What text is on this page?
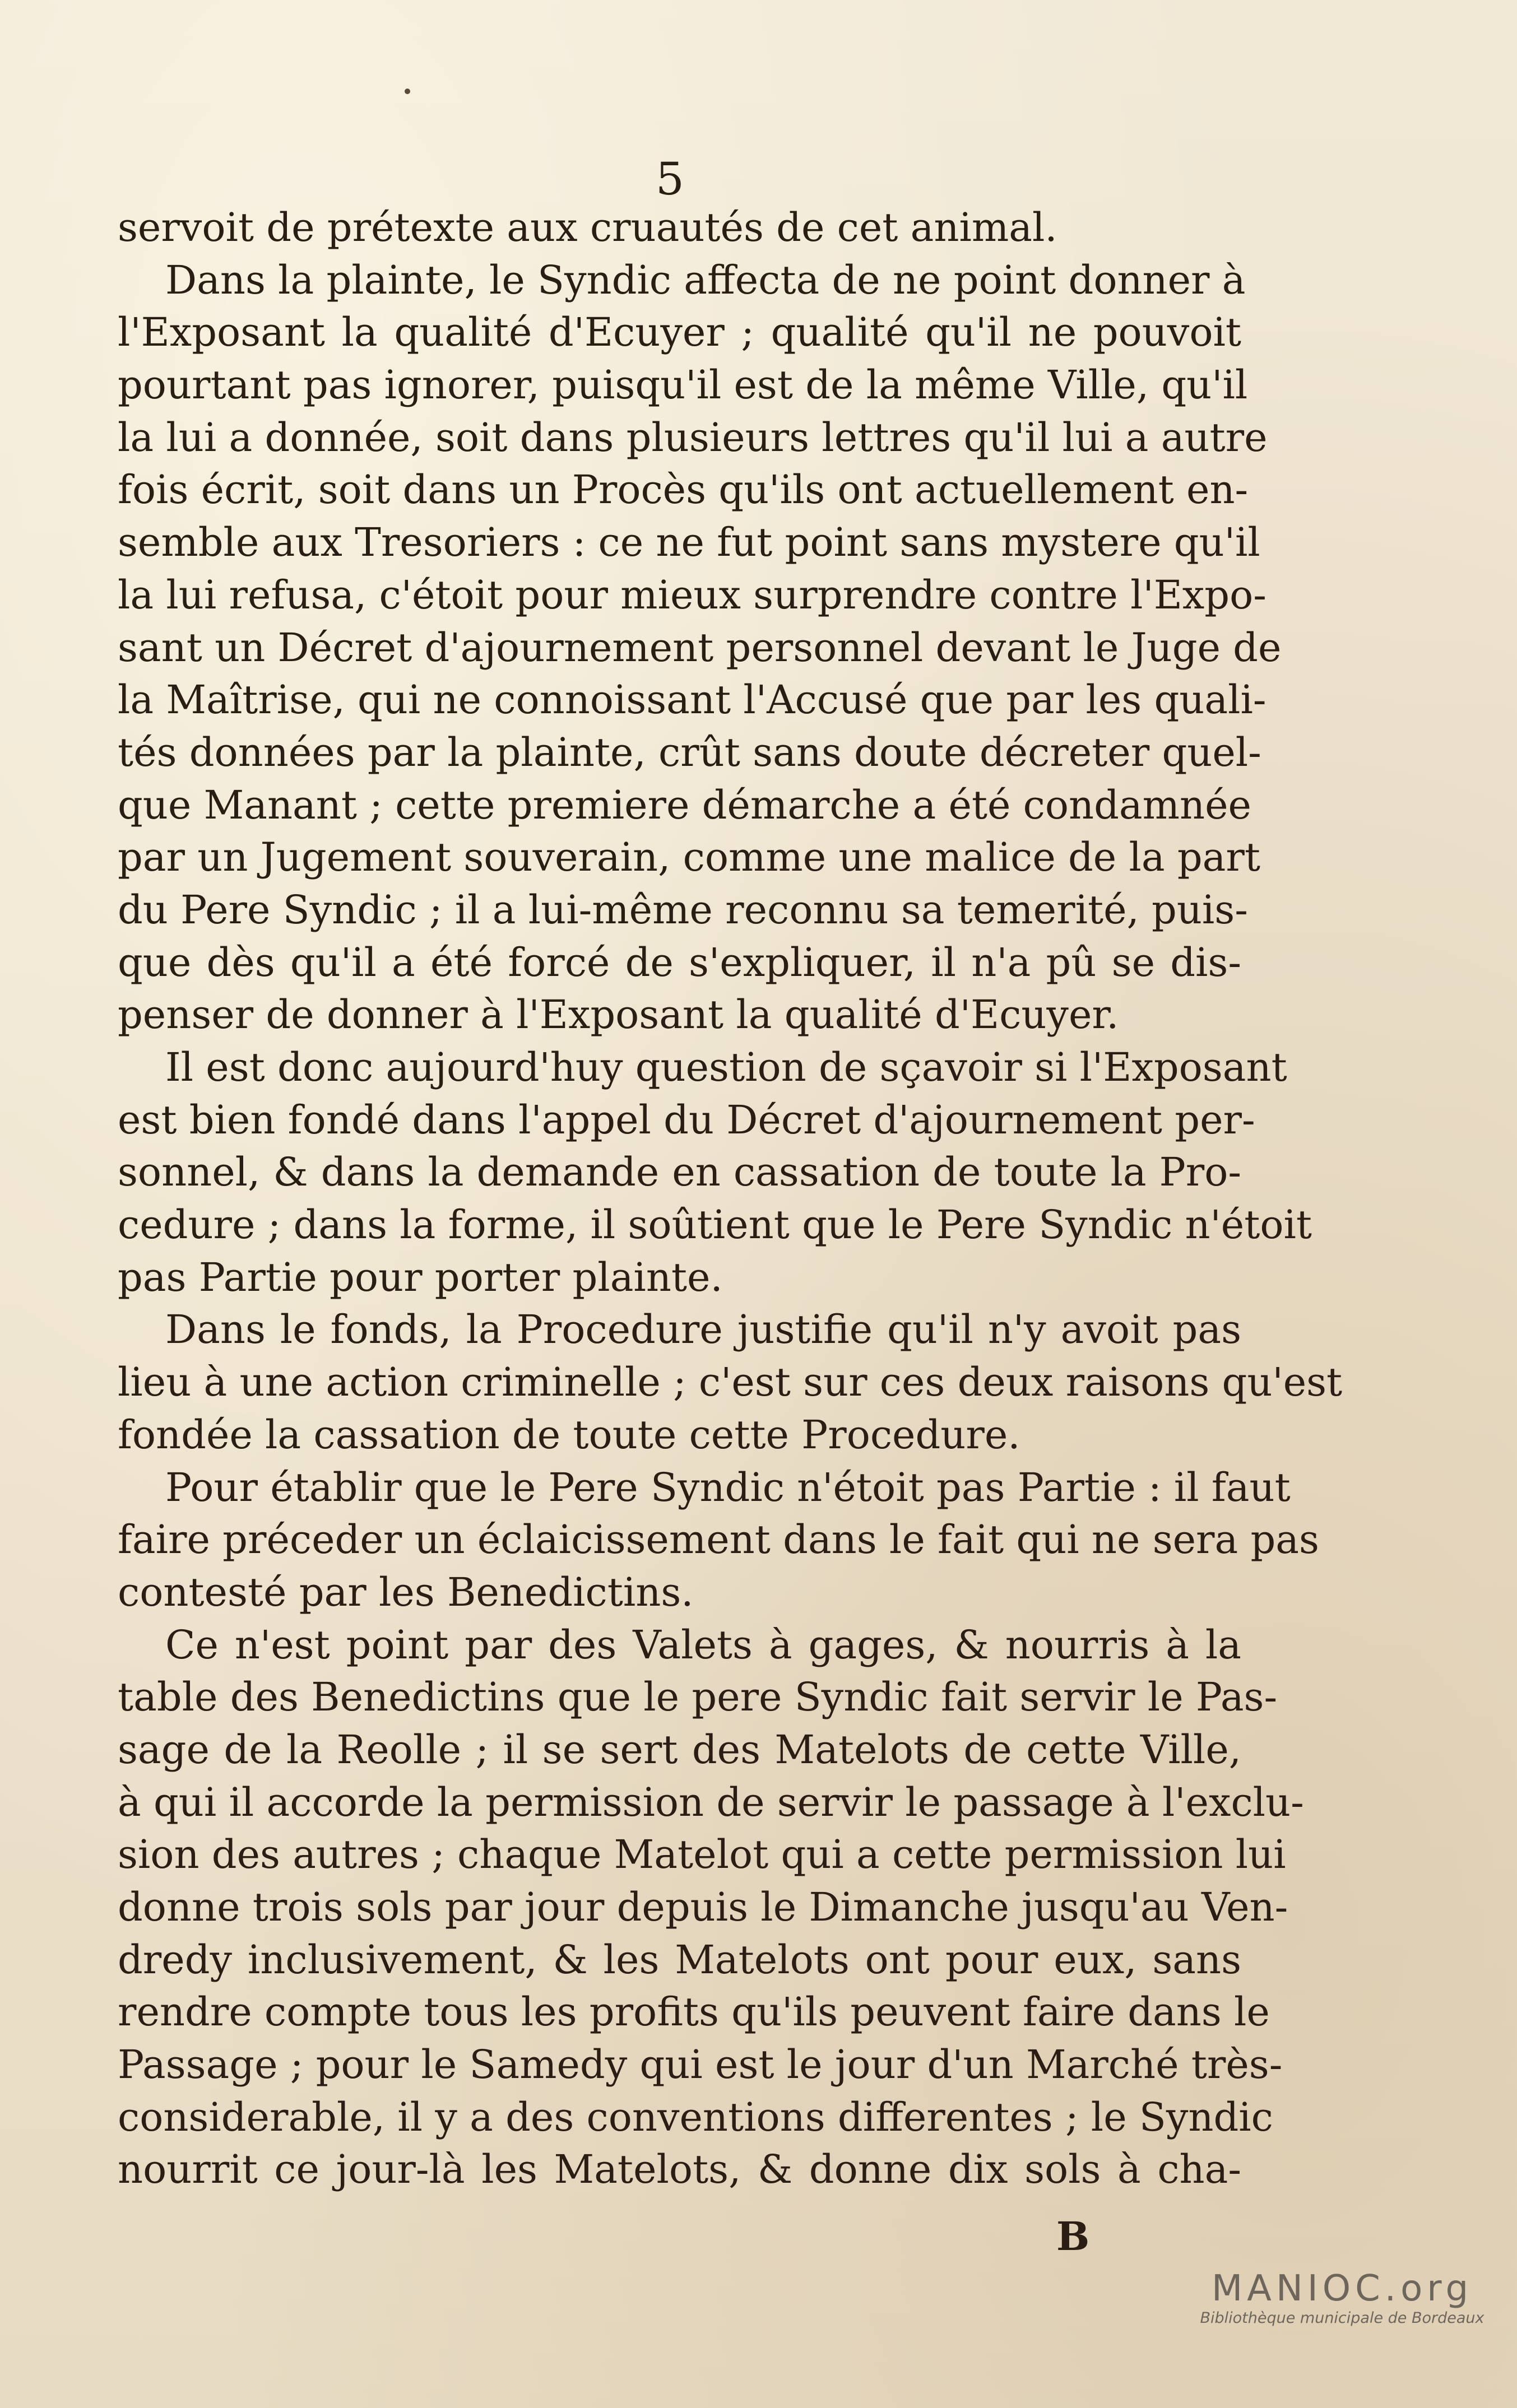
5
servoit de prétexte aux cruautés de cet animal.
Dans la plainte, le Syndic affecta de ne point donner à
l'Exposant la qualité d'Ecuyer ; qualité qu'il ne pouvoit
pourtant pas ignorer, puisqu'il est de la même Ville, qu'il
la lui a donnée, soit dans plusieurs lettres qu'il lui a autre
fois écrit, soit dans un Procès qu'ils ont actuellement en-
semble aux Tresoriers : ce ne fut point sans mystere qu'il
la lui refusa, c'étoit pour mieux surprendre contre l'Expo-
sant un Décret d'ajournement personnel devant le Juge de
la Maîtrise, qui ne connoissant l'Accusé que par les quali-
tés données par la plainte, crût sans doute décreter quel-
que Manant ; cette premiere démarche a été condamnée
par un Jugement souverain, comme une malice de la part
du Pere Syndic ; il a lui-même reconnu sa temerité, puis-
que dès qu'il a été forcé de s'expliquer, il n'a pû se dis-
penser de donner à l'Exposant la qualité d'Ecuyer.
Il est donc aujourd'huy question de sçavoir si l'Exposant
est bien fondé dans l'appel du Décret d'ajournement per-
sonnel, & dans la demande en cassation de toute la Pro-
cedure ; dans la forme, il soûtient que le Pere Syndic n'étoit
pas Partie pour porter plainte.
Dans le fonds, la Procedure justifie qu'il n'y avoit pas
lieu à une action criminelle ; c'est sur ces deux raisons qu'est
fondée la cassation de toute cette Procedure.
Pour établir que le Pere Syndic n'étoit pas Partie : il faut
faire préceder un éclaicissement dans le fait qui ne sera pas
contesté par les Benedictins.
Ce n'est point par des Valets à gages, & nourris à la
table des Benedictins que le pere Syndic fait servir le Pas-
sage de la Reolle ; il se sert des Matelots de cette Ville,
à qui il accorde la permission de servir le passage à l'exclu-
sion des autres ; chaque Matelot qui a cette permission lui
donne trois sols par jour depuis le Dimanche jusqu'au Ven-
dredy inclusivement, & les Matelots ont pour eux, sans
rendre compte tous les profits qu'ils peuvent faire dans le
Passage ; pour le Samedy qui est le jour d'un Marché très-
considerable, il y a des conventions differentes ; le Syndic
nourrit ce jour-là les Matelots, & donne dix sols à cha-
B
MANIOC.org
Bibliothèque municipale de Bordeaux
